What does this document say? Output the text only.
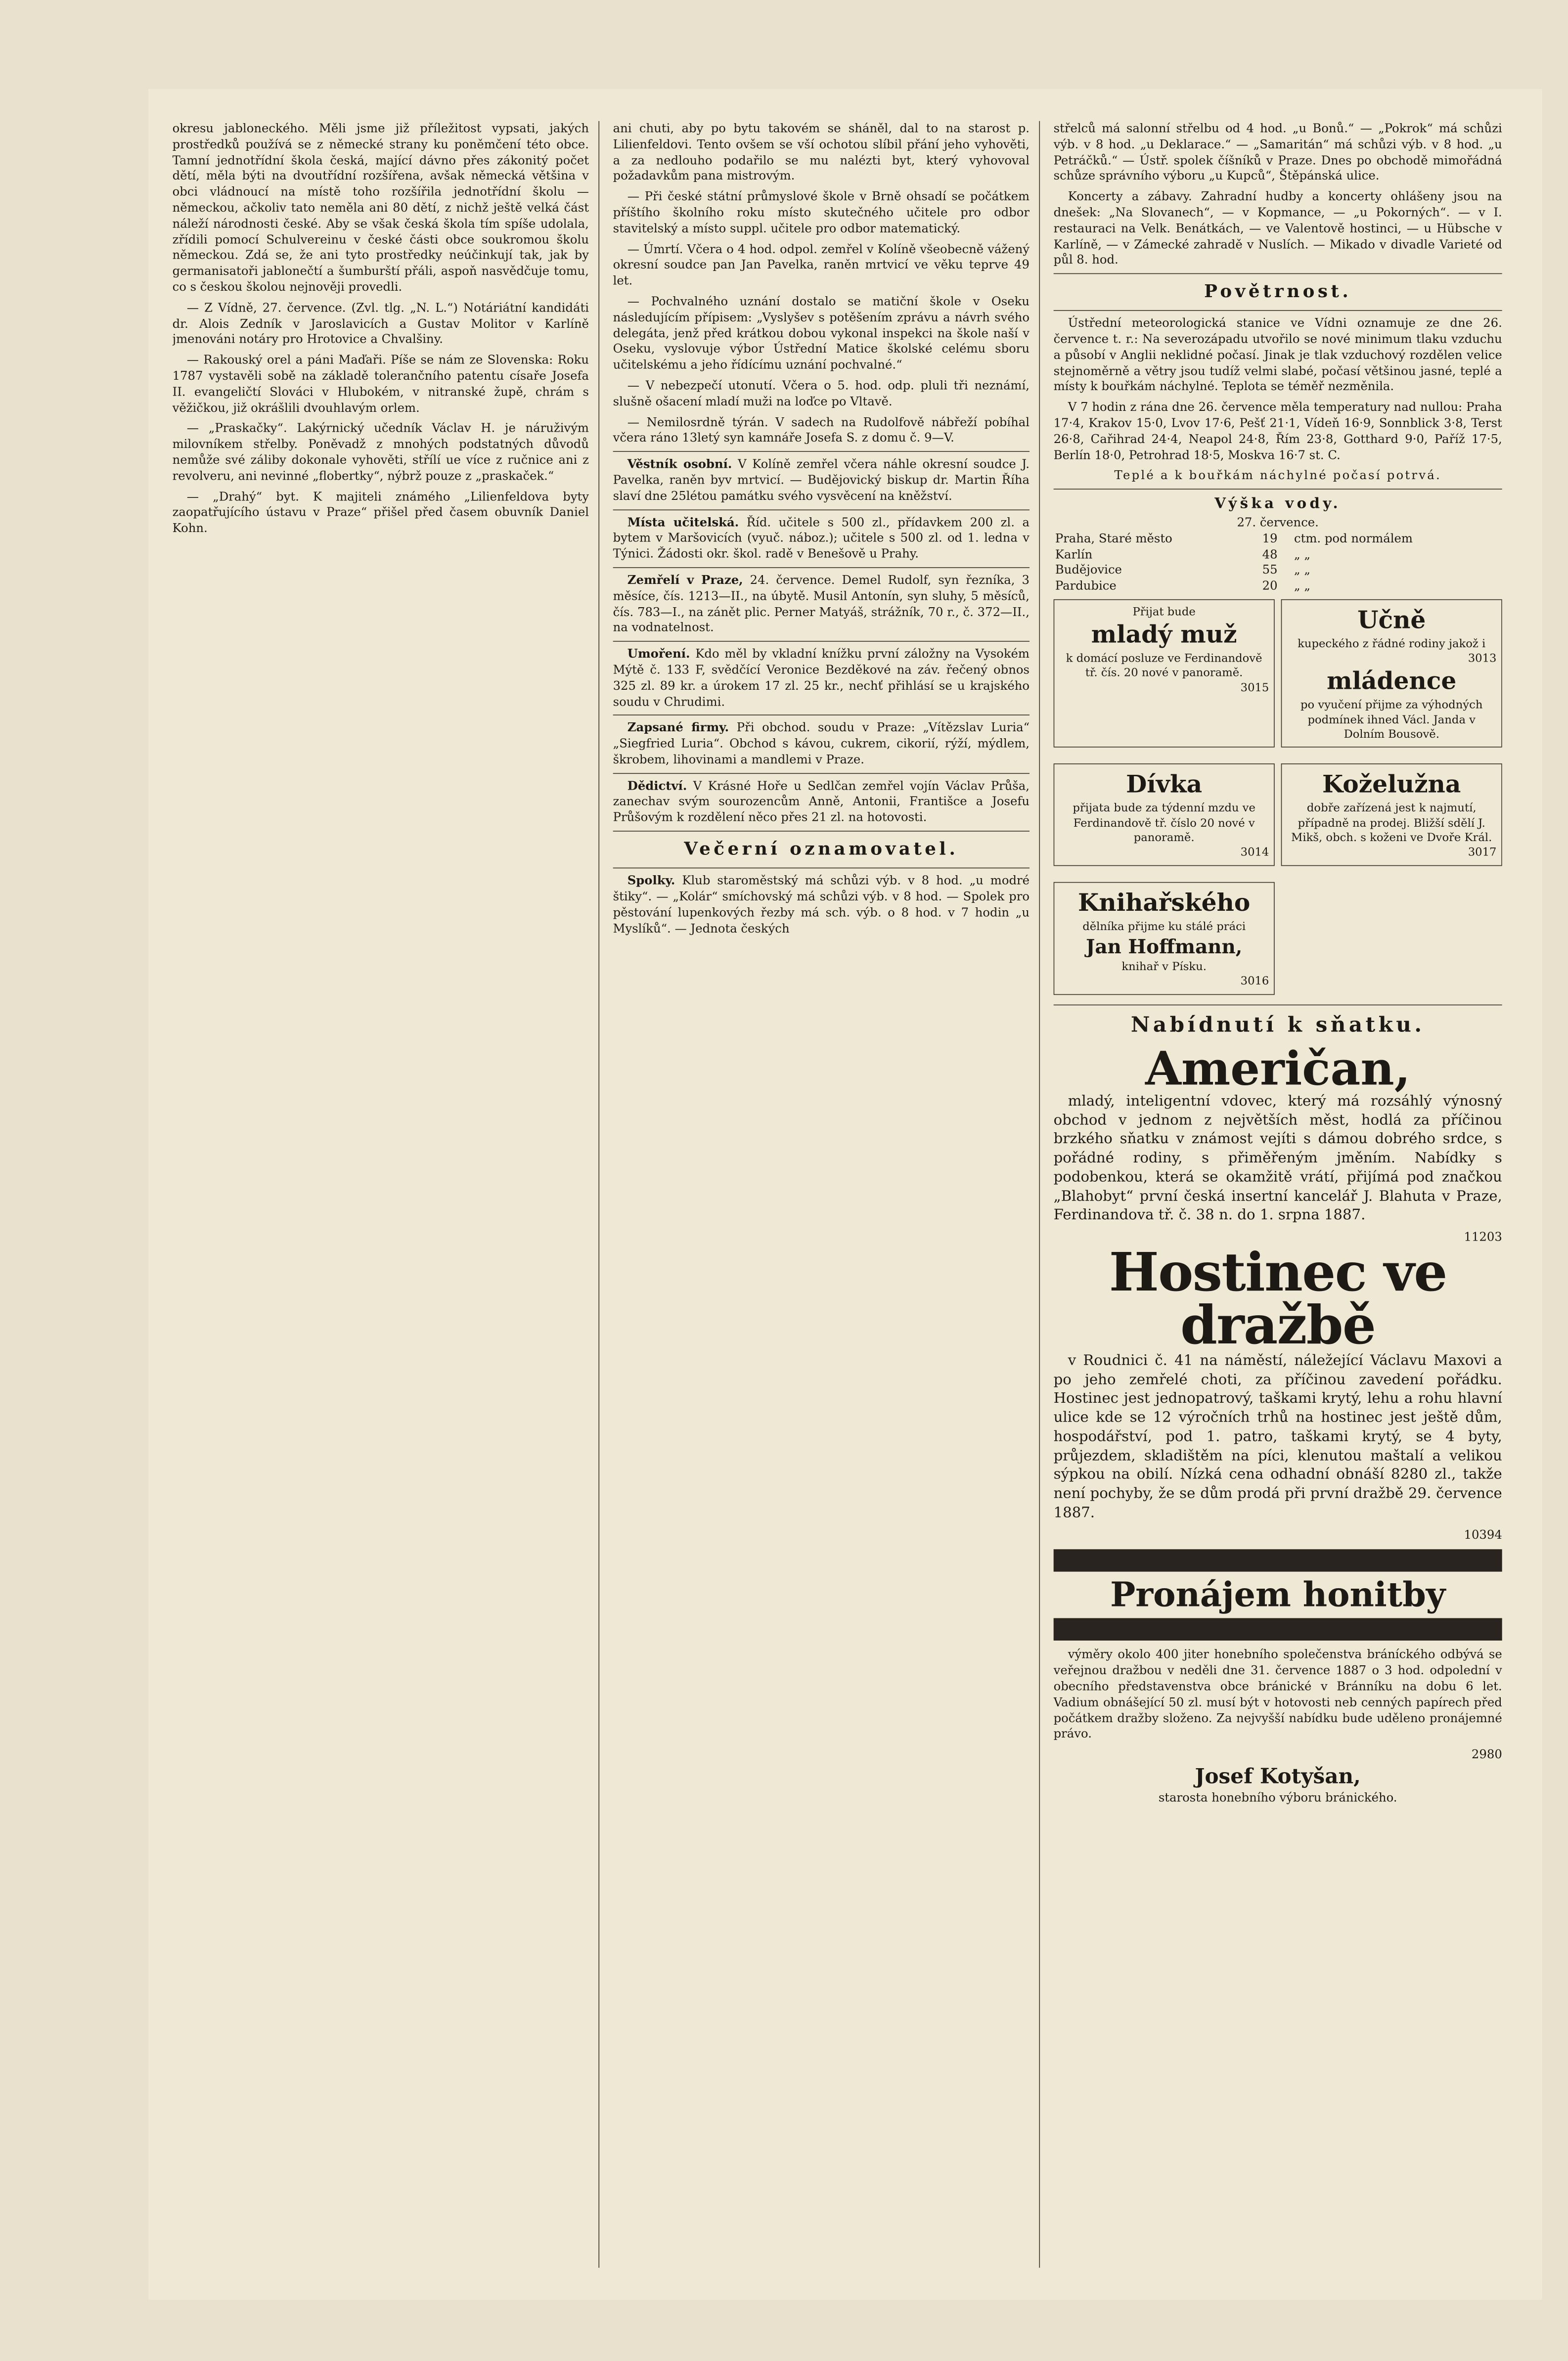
okresu jabloneckého. Měli jsme již příležitost vypsati, jakých prostředků používá se z německé strany ku poněmčení této obce. Tamní jednotřídní škola česká, mající dávno přes zákonitý počet dětí, měla býti na dvoutřídní rozšířena, avšak německá většina v obci vládnoucí na místě toho rozšířila jednotřídní školu — německou, ačkoliv tato neměla ani 80 dětí, z nichž ještě velká část náleží národnosti české. Aby se však česká škola tím spíše udolala, zřídili pomocí Schulvereinu v české části obce soukromou školu německou. Zdá se, že ani tyto prostředky neúčinkují tak, jak by germanisatoři jablonečtí a šumburští přáli, aspoň nasvědčuje tomu, co s českou školou nejnověji provedli.

— Z Vídně, 27. července. (Zvl. tlg. „N. L.“) Notáriátní kandidáti dr. Alois Zedník v Jaroslavicích a Gustav Molitor v Karlíně jmenováni notáry pro Hrotovice a Chvalšiny.

— Rakouský orel a páni Maďaři. Píše se nám ze Slovenska: Roku 1787 vystavěli sobě na základě tolerančního patentu císaře Josefa II. evangeličtí Slováci v Hlubokém, v nitranské župě, chrám s věžičkou, již okrášlili dvouhlavým orlem.

— „Praskačky“. Lakýrnický učedník Václav H. je náruživým milovníkem střelby. Poněvadž z mnohých podstatných důvodů nemůže své záliby dokonale vyhověti, střílí ue více z ručnice ani z revolveru, ani nevinné „flobertky“, nýbrž pouze z „praskaček.“

— „Drahý“ byt. K majiteli známého „Lilienfeldova byty zaopatřujícího ústavu v Praze“ přišel před časem obuvník Daniel Kohn.

ani chuti, aby po bytu takovém se sháněl, dal to na starost p. Lilienfeldovi. Tento ovšem se vší ochotou slíbil přání jeho vyhověti, a za nedlouho podařilo se mu nalézti byt, který vyhovoval požadavkům pana mistrovým.

— Při české státní průmyslové škole v Brně ohsadí se počátkem příštího školního roku místo skutečného učitele pro odbor stavitelský a místo suppl. učitele pro odbor matematický.

— Úmrtí. Včera o 4 hod. odpol. zemřel v Kolíně všeobecně vážený okresní soudce pan Jan Pavelka, raněn mrtvicí ve věku teprve 49 let.

— Pochvalného uznání dostalo se matiční škole v Oseku následujícím přípisem: „Vyslyšev s potěšením zprávu a návrh svého delegáta, jenž před krátkou dobou vykonal inspekci na škole naší v Oseku, vyslovuje výbor Ústřední Matice školské celému sboru učitelskému a jeho řídícímu uznání pochvalné.“

— V nebezpečí utonutí. Včera o 5. hod. odp. pluli tři neznámí, slušně ošacení mladí muži na loďce po Vltavě.

— Nemilosrdně týrán. V sadech na Rudolfově nábřeží pobíhal včera ráno 13letý syn kamnáře Josefa S. z domu č. 9—V.

Věstník osobní. V Kolíně zemřel včera náhle okresní soudce J. Pavelka, raněn byv mrtvicí. — Budějovický biskup dr. Martin Říha slaví dne 25létou památku svého vysvěcení na kněžství.

Místa učitelská. Říd. učitele s 500 zl., přídavkem 200 zl. a bytem v Maršovicích (vyuč. náboz.); učitele s 500 zl. od 1. ledna v Týnici. Žádosti okr. škol. radě v Benešově u Prahy.

Zemřelí v Praze, 24. července. Demel Rudolf, syn řezníka, 3 měsíce, čís. 1213—II., na úbytě. Musil Antonín, syn sluhy, 5 měsíců, čís. 783—I., na zánět plic. Perner Matyáš, strážník, 70 r., č. 372—II., na vodnatelnost.

Umoření. Kdo měl by vkladní knížku první záložny na Vysokém Mýtě č. 133 F, svědčící Veronice Bezděkové na záv. řečený obnos 325 zl. 89 kr. a úrokem 17 zl. 25 kr., nechť přihlásí se u krajského soudu v Chrudimi.

Zapsané firmy. Při obchod. soudu v Praze: „Vítězslav Luria“ „Siegfried Luria“. Obchod s kávou, cukrem, cikorií, rýží, mýdlem, škrobem, lihovinami a mandlemi v Praze.

Dědictví. V Krásné Hoře u Sedlčan zemřel vojín Václav Průša, zanechav svým sourozencům Anně, Antonii, Františce a Josefu Průšovým k rozdělení něco přes 21 zl. na hotovosti.

Večerní oznamovatel.

Spolky. Klub staroměstský má schůzi výb. v 8 hod. „u modré štiky“. — „Kolár“ smíchovský má schůzi výb. v 8 hod. — Spolek pro pěstování lupenkových řezby má sch. výb. o 8 hod. v 7 hodin „u Myslíků“. — Jednota českých

střelců má salonní střelbu od 4 hod. „u Bonů.“ — „Pokrok“ má schůzi výb. v 8 hod. „u Deklarace.“ — „Samaritán“ má schůzi výb. v 8 hod. „u Petráčků.“ — Ústř. spolek číšníků v Praze. Dnes po obchodě mimořádná schůze správního výboru „u Kupců“, Štěpánská ulice.

Koncerty a zábavy. Zahradní hudby a koncerty ohlášeny jsou na dnešek: „Na Slovanech“, — v Kopmance, — „u Pokorných“. — v I. restauraci na Velk. Benátkách, — ve Valentově hostinci, — u Hübsche v Karlíně, — v Zámecké zahradě v Nuslích. — Mikado v divadle Varieté od půl 8. hod.

Povětrnost.

Ústřední meteorologická stanice ve Vídni oznamuje ze dne 26. července t. r.: Na severozápadu utvořilo se nové minimum tlaku vzduchu a působí v Anglii neklidné počasí. Jinak je tlak vzduchový rozdělen velice stejnoměrně a větry jsou tudíž velmi slabé, počasí většinou jasné, teplé a místy k bouřkám náchylné. Teplota se téměř nezměnila.

V 7 hodin z rána dne 26. července měla temperatury nad nullou: Praha 17·4, Krakov 15·0, Lvov 17·6, Pešť 21·1, Vídeň 16·9, Sonnblick 3·8, Terst 26·8, Cařihrad 24·4, Neapol 24·8, Řím 23·8, Gotthard 9·0, Paříž 17·5, Berlín 18·0, Petrohrad 18·5, Moskva 16·7 st. C.

Teplé a k bouřkám náchylné počasí potrvá.

Výška vody.
27. července.
Praha, Staré město	19	ctm. pod normálem
Karlín	48	„ „
Budějovice	55	„ „
Pardubice	20	„ „
Přijat bude
mladý muž
k domácí posluze ve Ferdinandově tř. čís. 20 nové v panoramě.
3015
Učně
kupeckého z řádné rodiny jakož i
3013
mládence
po vyučení přijme za výhodných podmínek ihned Václ. Janda v Dolním Bousově.
Dívka
přijata bude za týdenní mzdu ve Ferdinandově tř. číslo 20 nové v panoramě.
3014
Koželužna
dobře zařízená jest k najmutí, případně na prodej. Bližší sdělí J. Mikš, obch. s koženi ve Dvoře Král.
3017
Knihařského
dělníka přijme ku stálé práci
Jan Hoffmann,
knihař v Písku.
3016
Nabídnutí k sňatku.
Američan,

mladý, inteligentní vdovec, který má rozsáhlý výnosný obchod v jednom z největších měst, hodlá za příčinou brzkého sňatku v známost vejíti s dámou dobrého srdce, s pořádné rodiny, s přiměřeným jměním. Nabídky s podobenkou, která se okamžitě vrátí, přijímá pod značkou „Blahobyt“ první česká insertní kancelář J. Blahuta v Praze, Ferdinandova tř. č. 38 n. do 1. srpna 1887.

11203
Hostinec ve dražbě

v Roudnici č. 41 na náměstí, náležející Václavu Maxovi a po jeho zemřelé choti, za příčinou zavedení pořádku. Hostinec jest jednopatrový, taškami krytý, lehu a rohu hlavní ulice kde se 12 výročních trhů na hostinec jest ještě dům, hospodářství, pod 1. patro, taškami krytý, se 4 byty, průjezdem, skladištěm na píci, klenutou maštalí a velikou sýpkou na obilí. Nízká cena odhadní obnáší 8280 zl., takže není pochyby, že se dům prodá při první dražbě 29. července 1887.

10394
Pronájem honitby

výměry okolo 400 jiter honebního společenstva bráníckého odbývá se veřejnou dražbou v neděli dne 31. července 1887 o 3 hod. odpolední v obecního představenstva obce bránické v Bránníku na dobu 6 let. Vadium obnášející 50 zl. musí být v hotovosti neb cenných papírech před počátkem dražby složeno. Za nejvyšší nabídku bude uděleno pronájemné právo.

2980
Josef Kotyšan,
starosta honebního výboru bránického.
